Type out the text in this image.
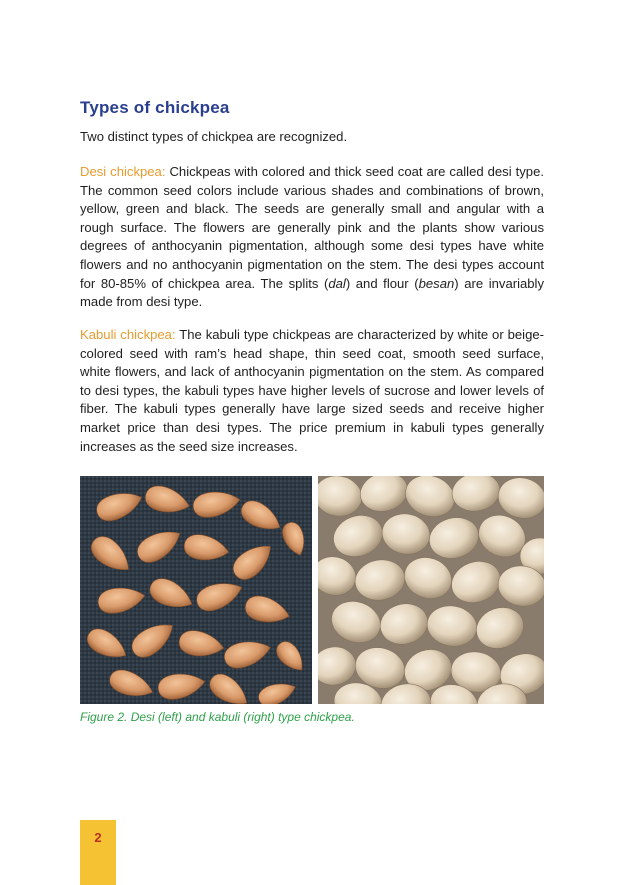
Types of chickpea

Two distinct types of chickpea are recognized.

Desi chickpea: Chickpeas with colored and thick seed coat are called desi type. The common seed colors include various shades and combinations of brown, yellow, green and black. The seeds are generally small and angular with a rough surface. The flowers are generally pink and the plants show various degrees of anthocyanin pigmentation, although some desi types have white flowers and no anthocyanin pigmentation on the stem. The desi types account for 80-85% of chickpea area. The splits (dal) and flour (besan) are invariably made from desi type.

Kabuli chickpea: The kabuli type chickpeas are characterized by white or beige-colored seed with ram’s head shape, thin seed coat, smooth seed surface, white flowers, and lack of anthocyanin pigmentation on the stem. As compared to desi types, the kabuli types have higher levels of sucrose and lower levels of fiber. The kabuli types generally have large sized seeds and receive higher market price than desi types. The price premium in kabuli types generally increases as the seed size increases.

Figure 2. Desi (left) and kabuli (right) type chickpea.
2
